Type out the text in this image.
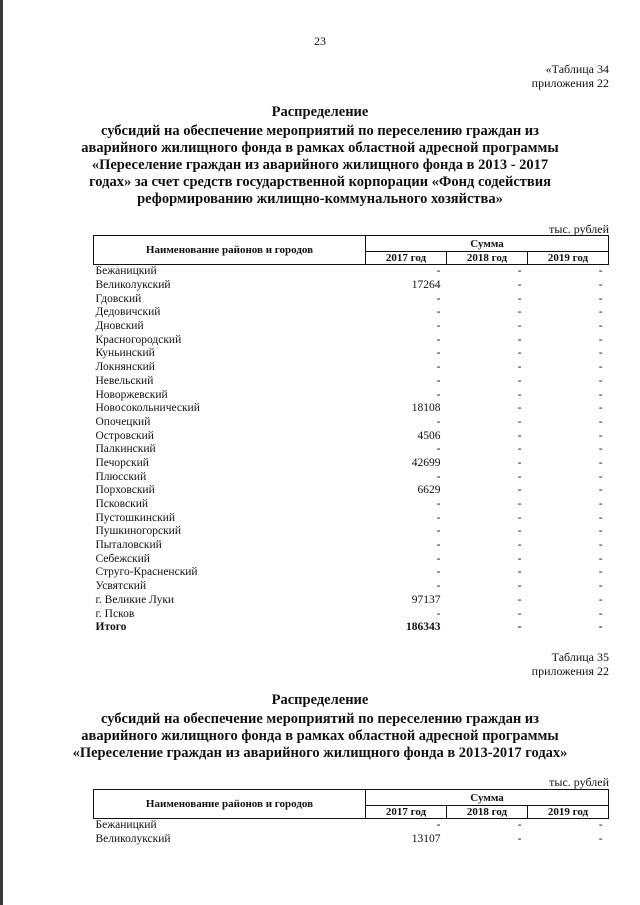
23
«Таблица 34
приложения 22
Распределение
субсидий на обеспечение мероприятий по переселению граждан из
аварийного жилищного фонда в рамках областной адресной программы
«Переселение граждан из аварийного жилищного фонда в 2013 - 2017
годах» за счет средств государственной корпорации «Фонд содействия
реформированию жилищно-коммунального хозяйства»
тыс. рублей
Наименование районов и городов	Сумма		
	2017 год	2018 год	2019 год
Бежаницкий	-	-	-
Великолукский	17264	-	-
Гдовский	-	-	-
Дедовичский	-	-	-
Дновский	-	-	-
Красногородский	-	-	-
Куньинский	-	-	-
Локнянский	-	-	-
Невельский	-	-	-
Новоржевский	-	-	-
Новосокольнический	18108	-	-
Опочецкий	-	-	-
Островский	4506	-	-
Палкинский	-	-	-
Печорский	42699	-	-
Плюсский	-	-	-
Порховский	6629	-	-
Псковский	-	-	-
Пустошкинский	-	-	-
Пушкиногорский	-	-	-
Пыталовский	-	-	-
Себежский	-	-	-
Струго-Красненский	-	-	-
Усвятский	-	-	-
г. Великие Луки	97137	-	-
г. Псков	-	-	-
Итого	186343	-	-
Таблица 35
приложения 22
Распределение
субсидий на обеспечение мероприятий по переселению граждан из
аварийного жилищного фонда в рамках областной адресной программы
«Переселение граждан из аварийного жилищного фонда в 2013-2017 годах»
тыс. рублей
Наименование районов и городов	Сумма		
	2017 год	2018 год	2019 год
Бежаницкий	-	-	-
Великолукский	13107	-	-
